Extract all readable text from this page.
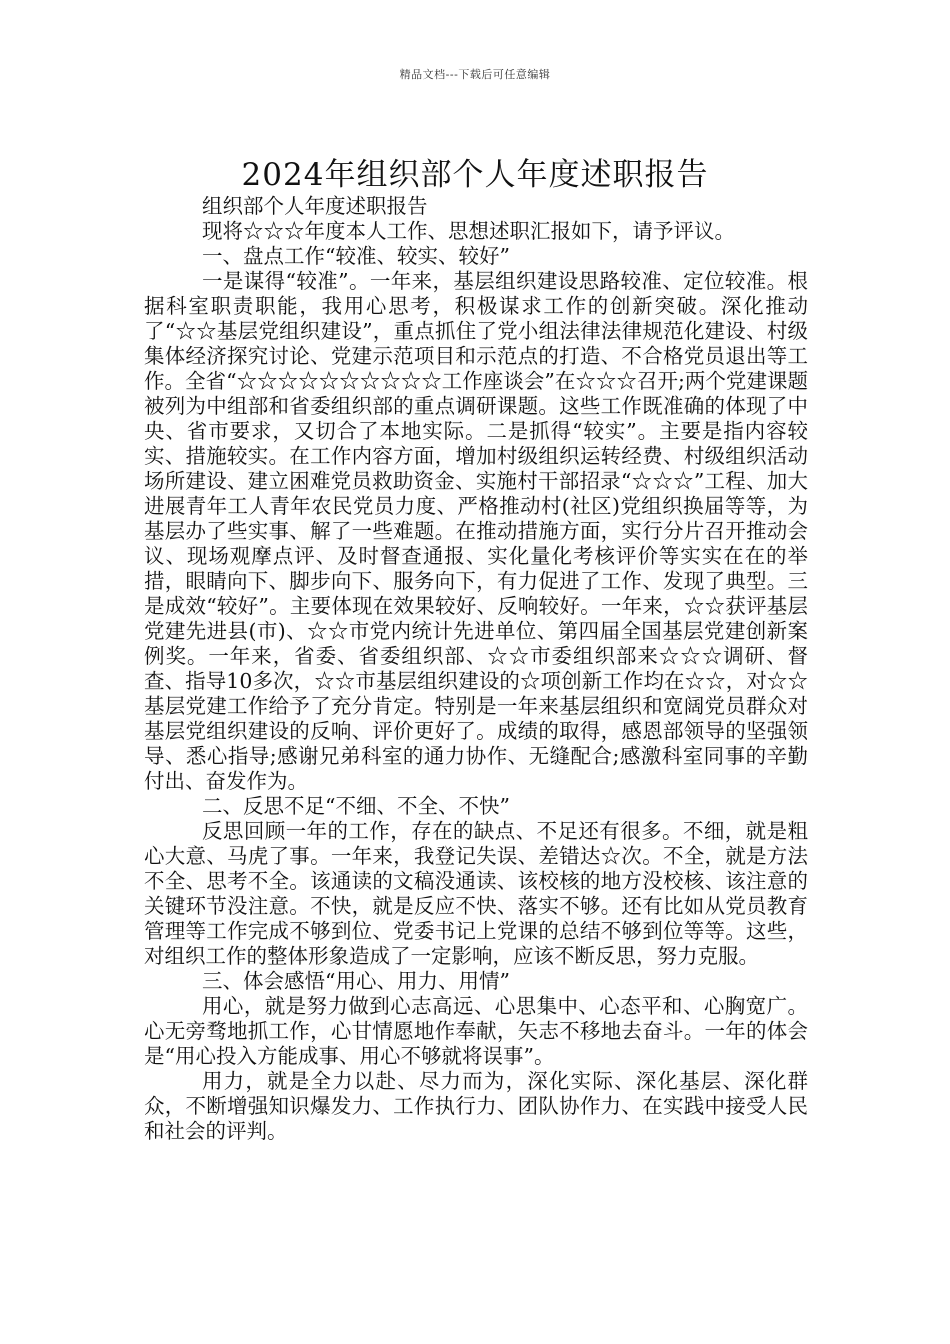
精品文档---下载后可任意编辑
2024年组织部个人年度述职报告

组织部个人年度述职报告

现将☆☆☆年度本人工作、思想述职汇报如下，请予评议。

一、盘点工作“较准、较实、较好”

一是谋得“较准”。一年来，基层组织建设思路较准、定位较准。根据科室职责职能，我用心思考，积极谋求工作的创新突破。深化推动了“☆☆基层党组织建设”，重点抓住了党小组法律法律规范化建设、村级集体经济探究讨论、党建示范项目和示范点的打造、不合格党员退出等工作。全省“☆☆☆☆☆☆☆☆☆☆工作座谈会”在☆☆☆召开;两个党建课题被列为中组部和省委组织部的重点调研课题。这些工作既准确的体现了中央、省市要求，又切合了本地实际。二是抓得“较实”。主要是指内容较实、措施较实。在工作内容方面，增加村级组织运转经费、村级组织活动场所建设、建立困难党员救助资金、实施村干部招录“☆☆☆”工程、加大进展青年工人青年农民党员力度、严格推动村(社区)党组织换届等等，为基层办了些实事、解了一些难题。在推动措施方面，实行分片召开推动会议、现场观摩点评、及时督查通报、实化量化考核评价等实实在在的举措，眼睛向下、脚步向下、服务向下，有力促进了工作、发现了典型。三是成效“较好”。主要体现在效果较好、反响较好。一年来，☆☆获评基层党建先进县(市)、☆☆市党内统计先进单位、第四届全国基层党建创新案例奖。一年来，省委、省委组织部、☆☆市委组织部来☆☆☆调研、督查、指导10多次，☆☆市基层组织建设的☆项创新工作均在☆☆，对☆☆基层党建工作给予了充分肯定。特别是一年来基层组织和宽阔党员群众对基层党组织建设的反响、评价更好了。成绩的取得，感恩部领导的坚强领导、悉心指导;感谢兄弟科室的通力协作、无缝配合;感激科室同事的辛勤付出、奋发作为。

二、反思不足“不细、不全、不快”

反思回顾一年的工作，存在的缺点、不足还有很多。不细，就是粗心大意、马虎了事。一年来，我登记失误、差错达☆次。不全，就是方法不全、思考不全。该通读的文稿没通读、该校核的地方没校核、该注意的关键环节没注意。不快，就是反应不快、落实不够。还有比如从党员教育管理等工作完成不够到位、党委书记上党课的总结不够到位等等。这些，对组织工作的整体形象造成了一定影响，应该不断反思，努力克服。

三、体会感悟“用心、用力、用情”

用心，就是努力做到心志高远、心思集中、心态平和、心胸宽广。心无旁骛地抓工作，心甘情愿地作奉献，矢志不移地去奋斗。一年的体会是“用心投入方能成事、用心不够就将误事”。

用力，就是全力以赴、尽力而为，深化实际、深化基层、深化群众，不断增强知识爆发力、工作执行力、团队协作力、在实践中接受人民和社会的评判。
